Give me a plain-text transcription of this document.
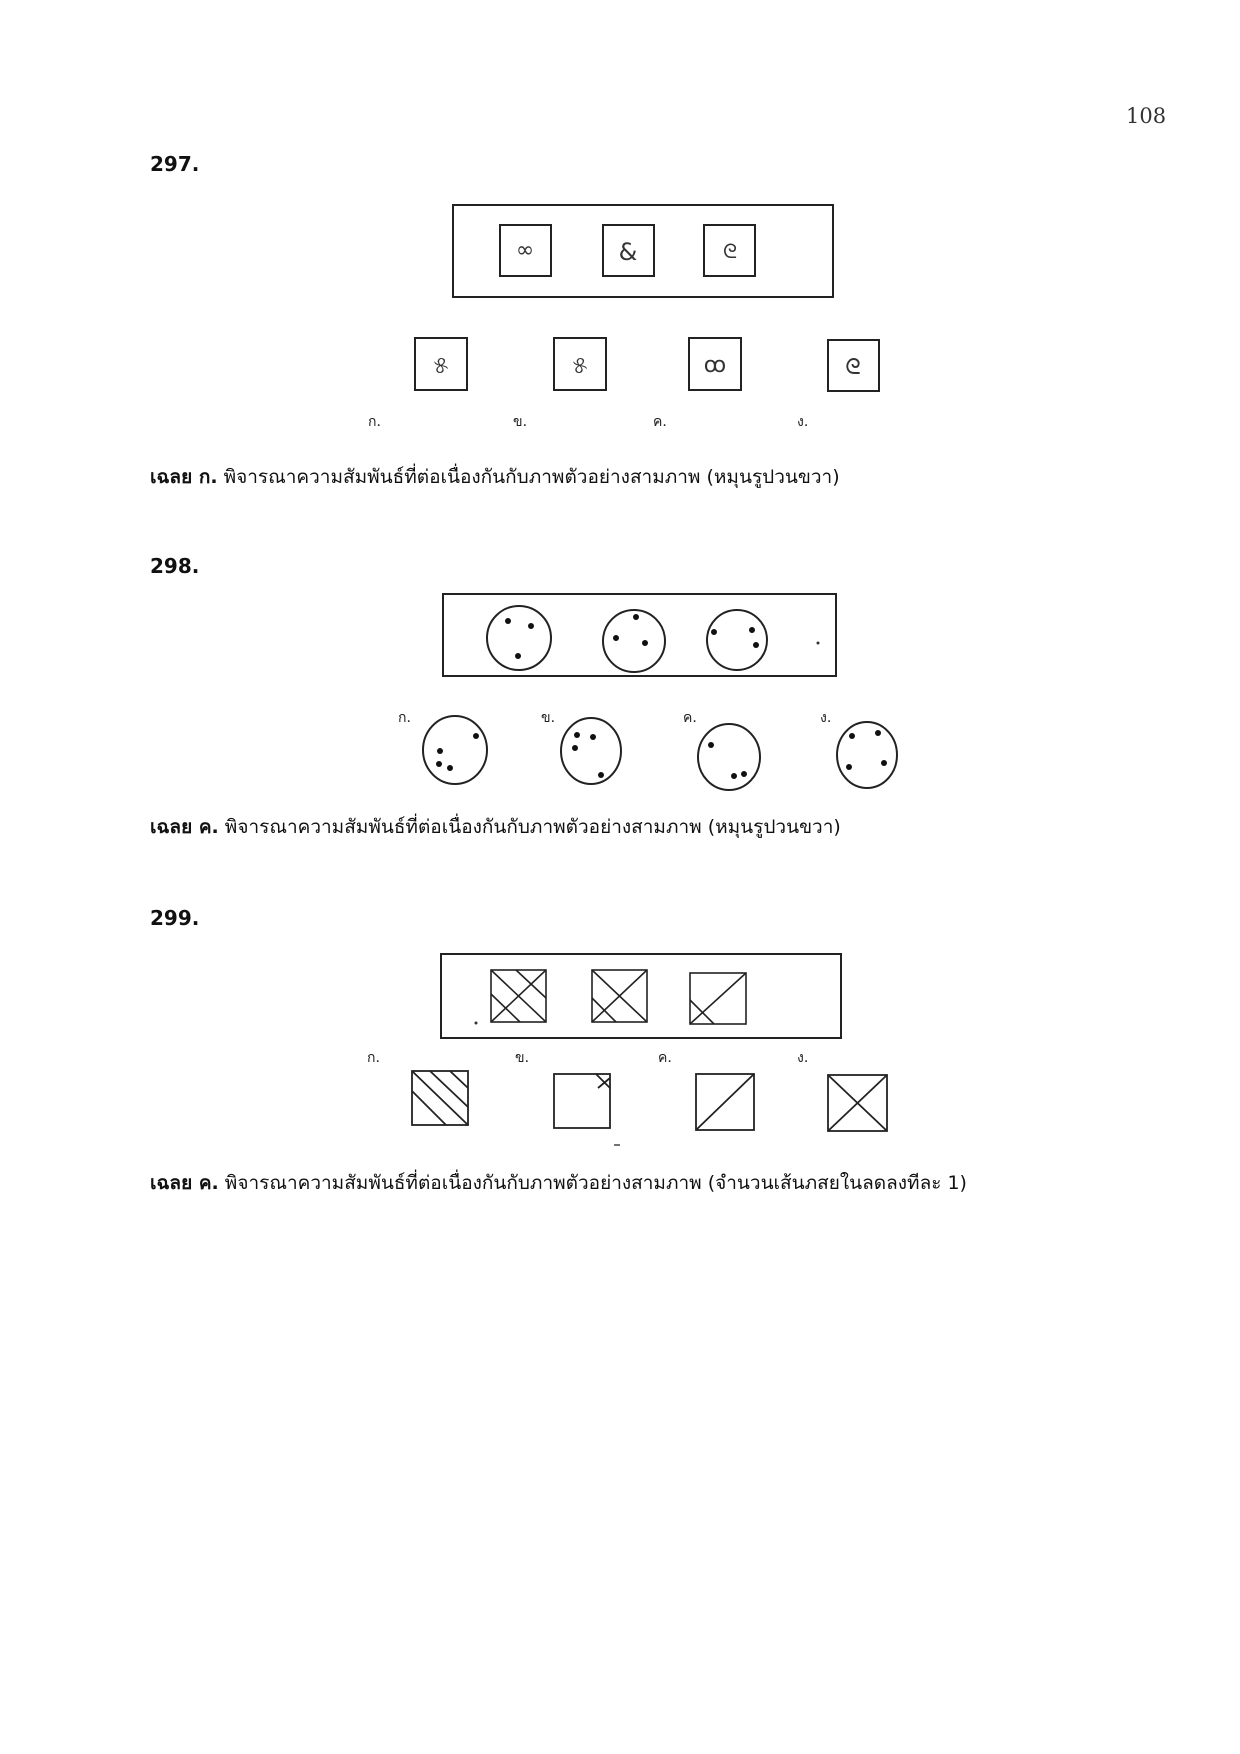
108
297.
∞	&	ᘓ
୫	୫	ꝏ	ᘓ
ก.	ข.	ค.	ง.
เฉลย ก. พิจารณาความสัมพันธ์ที่ต่อเนื่องกันกับภาพตัวอย่างสามภาพ (หมุนรูปวนขวา)
298.
ก.	ข.	ค.	ง.
เฉลย ค. พิจารณาความสัมพันธ์ที่ต่อเนื่องกันกับภาพตัวอย่างสามภาพ (หมุนรูปวนขวา)
299.
ก.	ข.	ค.	ง.
เฉลย ค. พิจารณาความสัมพันธ์ที่ต่อเนื่องกันกับภาพตัวอย่างสามภาพ (จำนวนเส้นภสยในลดลงทีละ 1)
